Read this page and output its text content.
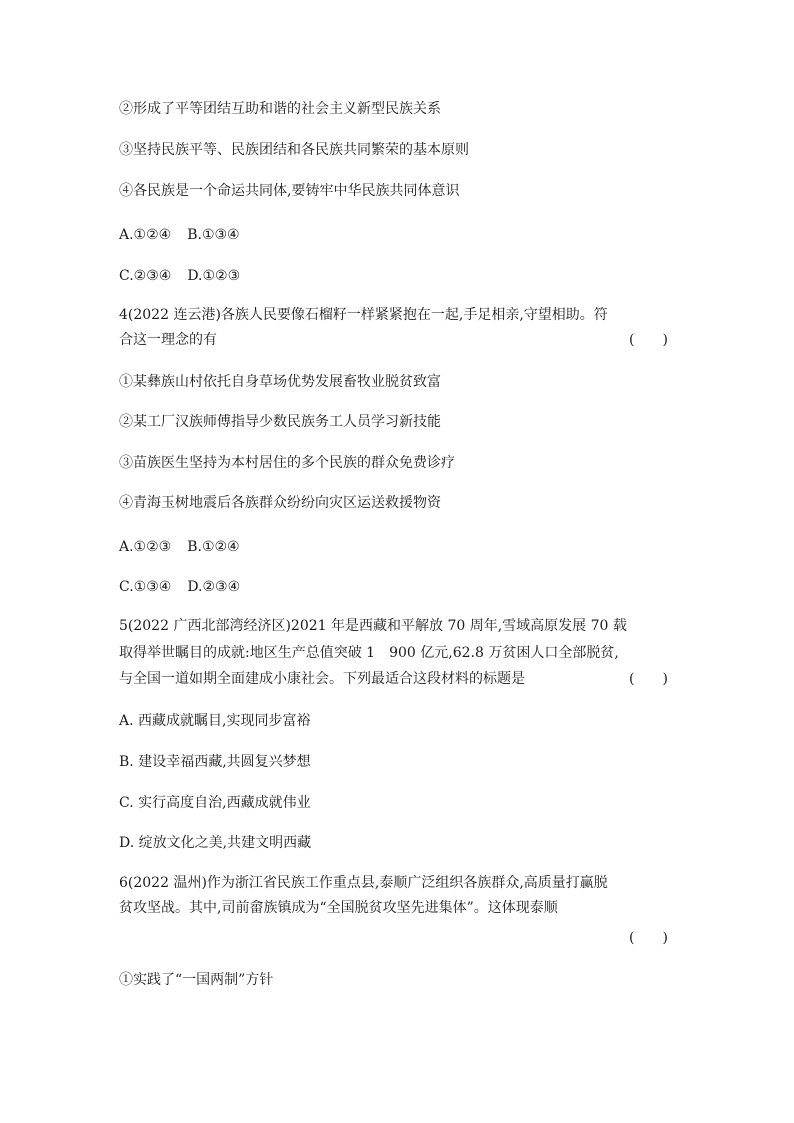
②形成了平等团结互助和谐的社会主义新型民族关系
③坚持民族平等、民族团结和各民族共同繁荣的基本原则
④各民族是一个命运共同体,要铸牢中华民族共同体意识
A.①②④ B.①③④
C.②③④ D.①②③
4(2022 连云港)各族人民要像石榴籽一样紧紧抱在一起,手足相亲,守望相助。符
合这一理念的有	(　　)
①某彝族山村依托自身草场优势发展畜牧业脱贫致富
②某工厂汉族师傅指导少数民族务工人员学习新技能
③苗族医生坚持为本村居住的多个民族的群众免费诊疗
④青海玉树地震后各族群众纷纷向灾区运送救援物资
A.①②③ B.①②④
C.①③④ D.②③④
5(2022 广西北部湾经济区)2021 年是西藏和平解放 70 周年,雪域高原发展 70 载
取得举世瞩目的成就:地区生产总值突破 1　900 亿元,62.8 万贫困人口全部脱贫,
与全国一道如期全面建成小康社会。下列最适合这段材料的标题是	(　　)
A. 西藏成就瞩目,实现同步富裕
B. 建设幸福西藏,共圆复兴梦想
C. 实行高度自治,西藏成就伟业
D. 绽放文化之美,共建文明西藏
6(2022 温州)作为浙江省民族工作重点县,泰顺广泛组织各族群众,高质量打赢脱
贫攻坚战。其中,司前畲族镇成为“全国脱贫攻坚先进集体”。这体现泰顺
(　　)
①实践了“一国两制”方针
